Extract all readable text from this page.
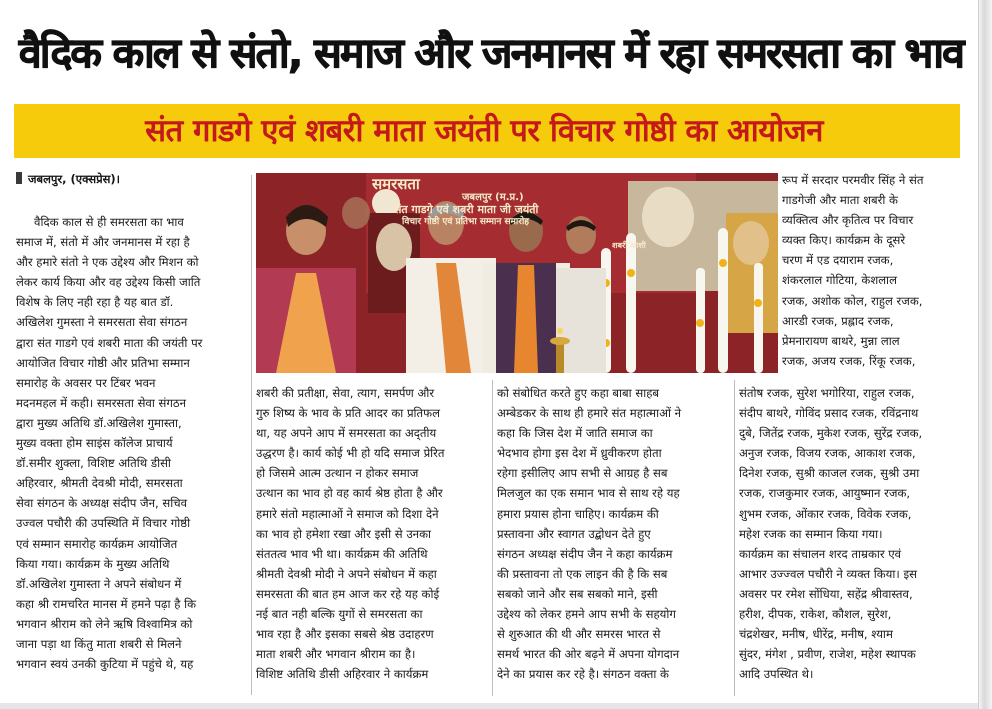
वैदिक काल से संतो, समाज और जनमानस में रहा समरसता का भाव
संत गाडगे एवं शबरी माता जयंती पर विचार गोष्ठी का आयोजन
जबलपुर, (एक्सप्रेस)।
वैदिक काल से ही समरसता का भाव
समाज में, संतो में और जनमानस में रहा है
और हमारे संतो ने एक उद्देश्य और मिशन को
लेकर कार्य किया और वह उद्देश्य किसी जाति
विशेष के लिए नही रहा है यह बात डॉ.
अखिलेश गुमस्ता ने समरसता सेवा संगठन
द्वारा संत गाडगे एवं शबरी माता की जयंती पर
आयोजित विचार गोष्ठी और प्रतिभा सम्मान
समारोह के अवसर पर टिंबर भवन
मदनमहल में कही। समरसता सेवा संगठन
द्वारा मुख्य अतिथि डॉ.अखिलेश गुमास्ता,
मुख्य वक्ता होम साइंस कॉलेज प्राचार्य
डॉ.समीर शुक्ला, विशिष्ट अतिथि डीसी
अहिरवार, श्रीमती देवश्री मोदी, समरसता
सेवा संगठन के अध्यक्ष संदीप जैन, सचिव
उज्वल पचौरी की उपस्थिति में विचार गोष्ठी
एवं सम्मान समारोह कार्यक्रम आयोजित
किया गया। कार्यक्रम के मुख्य अतिथि
डॉ.अखिलेश गुमास्ता ने अपने संबोधन में
कहा श्री रामचरित मानस में हमने पढ़ा है कि
भगवान श्रीराम को लेने ऋषि विश्वामित्र को
जाना पड़ा था किंतु माता शबरी से मिलने
भगवान स्वयं उनकी कुटिया में पहुंचे थे, यह
शबरी की प्रतीक्षा, सेवा, त्याग, समर्पण और
गुरु शिष्य के भाव के प्रति आदर का प्रतिफल
था, यह अपने आप में समरसता का अद्‌तीय
उद्धरण है। कार्य कोई भी हो यदि समाज प्रेरित
हो जिसमे आत्म उत्थान न होकर समाज
उत्थान का भाव हो वह कार्य श्रेष्ठ होता है और
हमारे संतो महात्माओं ने समाज को दिशा देने
का भाव हो हमेशा रखा और इसी से उनका
संततत्व भाव भी था। कार्यक्रम की अतिथि
श्रीमती देवश्री मोदी ने अपने संबोधन में कहा
समरसता की बात हम आज कर रहे यह कोई
नई बात नही बल्कि युगों से समरसता का
भाव रहा है और इसका सबसे श्रेष्ठ उदाहरण
माता शबरी और भगवान श्रीराम का है।
विशिष्ट अतिथि डीसी अहिरवार ने कार्यक्रम
को संबोधित करते हुए कहा बाबा साहब
अम्बेडकर के साथ ही हमारे संत महात्माओं ने
कहा कि जिस देश में जाति समाज का
भेदभाव होगा इस देश में ध्रुवीकरण होता
रहेगा इसीलिए आप सभी से आग्रह है सब
मिलजुल का एक समान भाव से साथ रहे यह
हमारा प्रयास होना चाहिए। कार्यक्रम की
प्रस्तावना और स्वागत उद्बोधन देते हुए
संगठन अध्यक्ष संदीप जैन ने कहा कार्यक्रम
की प्रस्तावना तो एक लाइन की है कि सब
सबको जाने और सब सबको माने, इसी
उद्देश्य को लेकर हमने आप सभी के सहयोग
से शुरुआत की थी और समरस भारत से
समर्थ भारत की ओर बढ़ने में अपना योगदान
देने का प्रयास कर रहे है। संगठन वक्ता के
रूप में सरदार परमवीर सिंह ने संत
गाडगेजी और माता शबरी के
व्यक्तित्व और कृतित्व पर विचार
व्यक्त किए। कार्यक्रम के दूसरे
चरण में एड दयाराम रजक,
शंकरलाल गोटिया, केशलाल
रजक, अशोक कोल, राहुल रजक,
आरडी रजक, प्रह्लाद रजक,
प्रेमनारायण बाथरे, मुन्ना लाल
रजक, अजय रजक, रिंकू रजक,
संतोष रजक, सुरेश भगोरिया, राहुल रजक,
संदीप बाथरे, गोविंद प्रसाद रजक, रविंद्रनाथ
दुबे, जितेंद्र रजक, मुकेश रजक, सुरेंद्र रजक,
अनुज रजक, विजय रजक, आकाश रजक,
दिनेश रजक, सुश्री काजल रजक, सुश्री उमा
रजक, राजकुमार रजक, आयुष्मान रजक,
शुभम रजक, ओंकार रजक, विवेक रजक,
महेश रजक का सम्मान किया गया।
कार्यक्रम का संचालन शरद ताम्रकार एवं
आभार उज्ज्वल पचौरी ने व्यक्त किया। इस
अवसर पर रमेश सोंधिया, सहेंद्र श्रीवास्तव,
हरीश, दीपक, राकेश, कौशल, सुरेश,
चंद्रशेखर, मनीष, धीरेंद्र, मनीष, श्याम
सुंदर, मंगेश , प्रवीण, राजेश, महेश स्थापक
आदि उपस्थित थे।
समरसता
जबलपुर (म.प्र.)
संत गाडगे एवं शबरी माता जी जयंती
विचार गोष्ठी एवं प्रतिभा सम्मान समारोह
शबरी काशी
